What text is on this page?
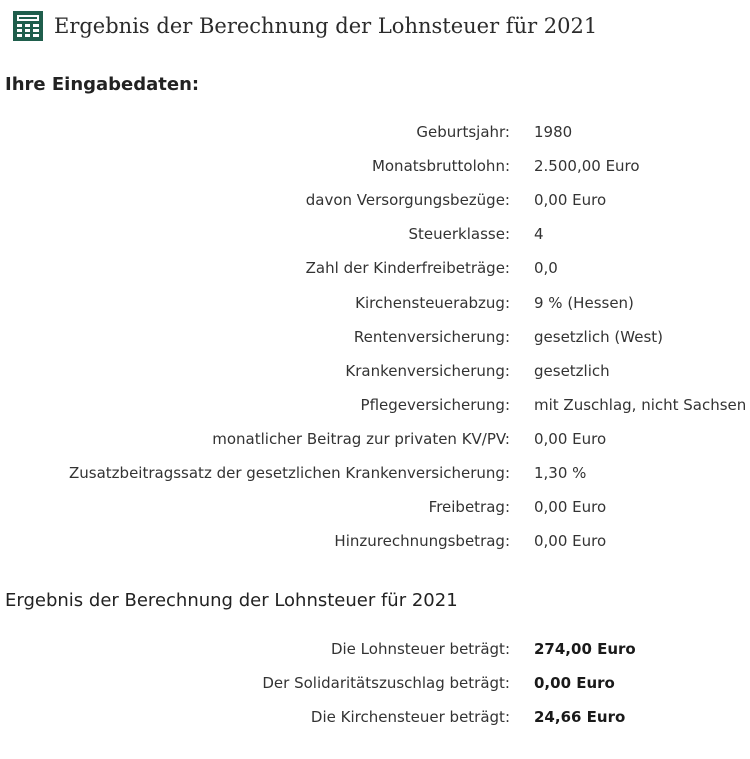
Ergebnis der Berechnung der Lohnsteuer für 2021
Ihre Eingabedaten:
Geburtsjahr:	1980
Monatsbruttolohn:	2.500,00 Euro
davon Versorgungsbezüge:	0,00 Euro
Steuerklasse:	4
Zahl der Kinderfreibeträge:	0,0
Kirchensteuerabzug:	9 % (Hessen)
Rentenversicherung:	gesetzlich (West)
Krankenversicherung:	gesetzlich
Pflegeversicherung:	mit Zuschlag, nicht Sachsen
monatlicher Beitrag zur privaten KV/PV:	0,00 Euro
Zusatzbeitragssatz der gesetzlichen Krankenversicherung:	1,30 %
Freibetrag:	0,00 Euro
Hinzurechnungsbetrag:	0,00 Euro
Ergebnis der Berechnung der Lohnsteuer für 2021
Die Lohnsteuer beträgt:	274,00 Euro
Der Solidaritätszuschlag beträgt:	0,00 Euro
Die Kirchensteuer beträgt:	24,66 Euro
